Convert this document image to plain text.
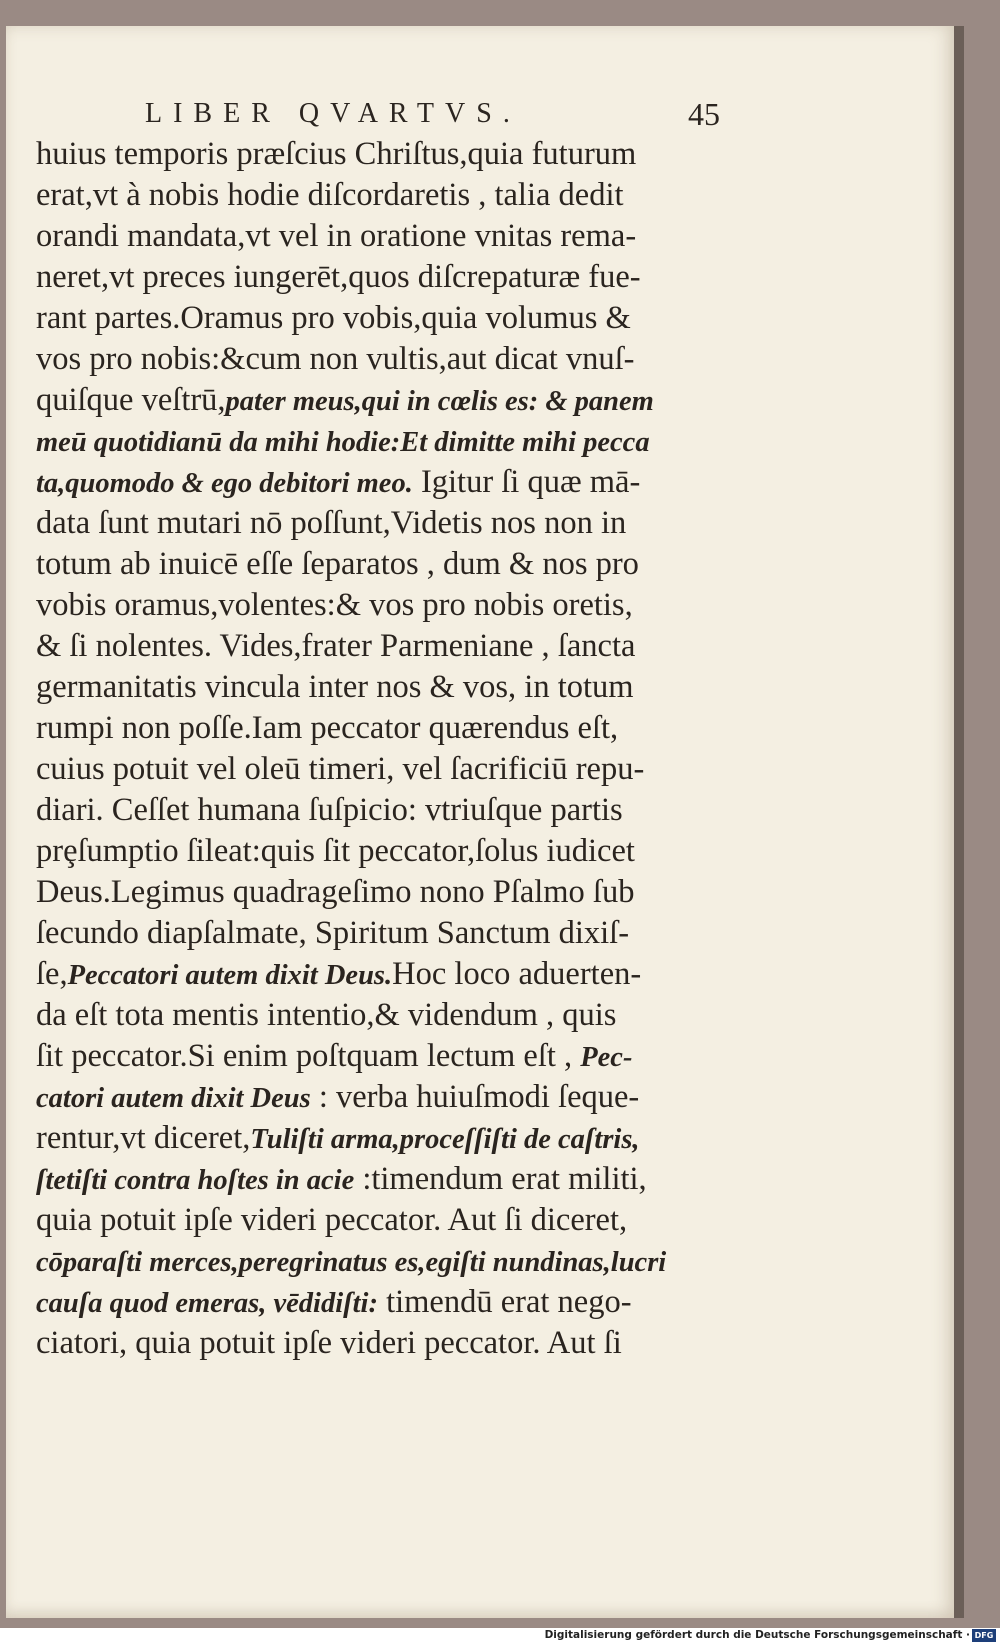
LIBER QVARTVS.	45
huius temporis præſcius Chriſtus,quia futurum
erat,vt à nobis hodie diſcordaretis , talia dedit
orandi mandata,vt vel in oratione vnitas rema-
neret,vt preces iungerēt,quos diſcrepaturæ fue-
rant partes.Oramus pro vobis,quia volumus &
vos pro nobis:&cum non vultis,aut dicat vnuſ-
quiſque veſtrū,pater meus,qui in cœlis es: & panem
meū quotidianū da mihi hodie:Et dimitte mihi pecca
ta,quomodo & ego debitori meo. Igitur ſi quæ mā-
data ſunt mutari nō poſſunt,Videtis nos non in
totum ab inuicē eſſe ſeparatos , dum & nos pro
vobis oramus,volentes:& vos pro nobis oretis,
& ſi nolentes. Vides,frater Parmeniane , ſancta
germanitatis vincula inter nos & vos, in totum
rumpi non poſſe.Iam peccator quærendus eſt,
cuius potuit vel oleū timeri, vel ſacrificiū repu-
diari. Ceſſet humana ſuſpicio: vtriuſque partis
prȩſumptio ſileat:quis ſit peccator,ſolus iudicet
Deus.Legimus quadrageſimo nono Pſalmo ſub
ſecundo diapſalmate, Spiritum Sanctum dixiſ-
ſe,Peccatori autem dixit Deus.Hoc loco aduerten-
da eſt tota mentis intentio,& videndum , quis
ſit peccator.Si enim poſtquam lectum eſt , Pec-
catori autem dixit Deus : verba huiuſmodi ſeque-
rentur,vt diceret,Tuliſti arma,proceſſiſti de caſtris,
ſtetiſti contra hoſtes in acie :timendum erat militi,
quia potuit ipſe videri peccator. Aut ſi diceret,
cōparaſti merces,peregrinatus es,egiſti nundinas,lucri
cauſa quod emeras, vēdidiſti: timendū erat nego-
ciatori, quia potuit ipſe videri peccator. Aut ſi
Digitalisierung gefördert durch die Deutsche Forschungsgemeinschaft · DFG
